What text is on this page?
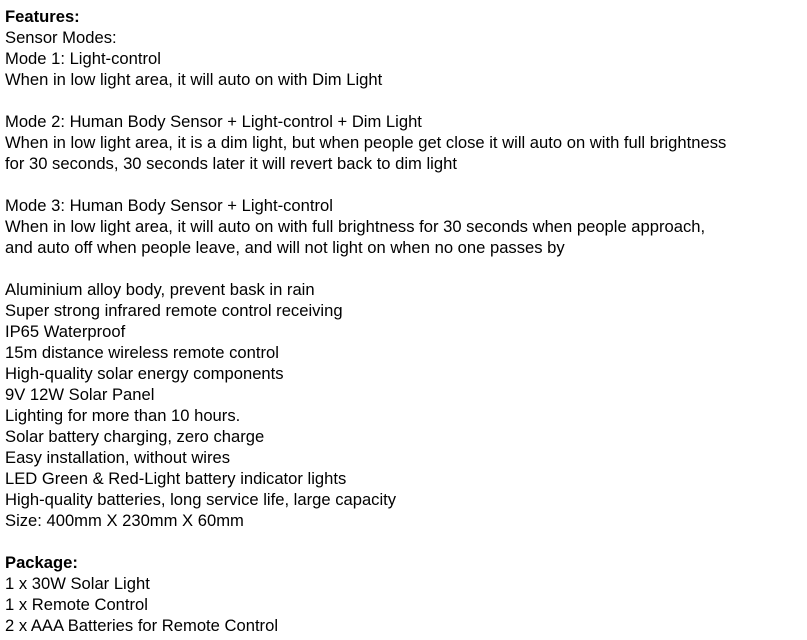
Features:
Sensor Modes:
Mode 1: Light-control
When in low light area, it will auto on with Dim Light
Mode 2: Human Body Sensor + Light-control + Dim Light
When in low light area, it is a dim light, but when people get close it will auto on with full brightness
for 30 seconds, 30 seconds later it will revert back to dim light
Mode 3: Human Body Sensor + Light-control
When in low light area, it will auto on with full brightness for 30 seconds when people approach,
and auto off when people leave, and will not light on when no one passes by
Aluminium alloy body, prevent bask in rain
Super strong infrared remote control receiving
IP65 Waterproof
15m distance wireless remote control
High-quality solar energy components
9V 12W Solar Panel
Lighting for more than 10 hours.
Solar battery charging, zero charge
Easy installation, without wires
LED Green & Red-Light battery indicator lights
High-quality batteries, long service life, large capacity
Size: 400mm X 230mm X 60mm
Package:
1 x 30W Solar Light
1 x Remote Control
2 x AAA Batteries for Remote Control
